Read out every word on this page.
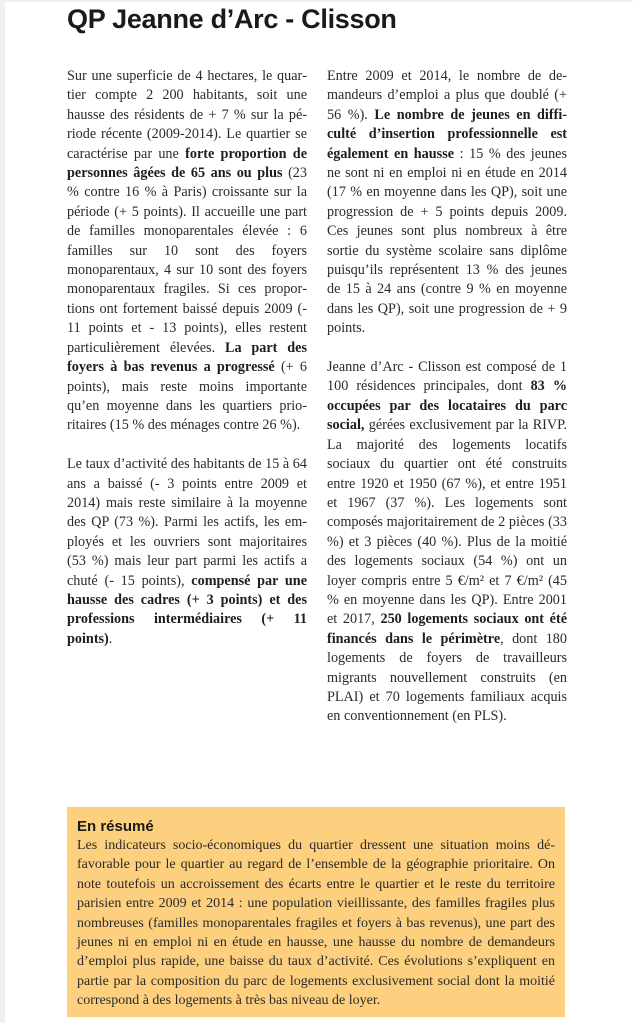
QP Jeanne d’Arc - Clisson

Sur une superficie de 4 hectares, le quartier compte 2 200 habitants, soit une hausse des résidents de + 7 % sur la période récente (2009-2014). Le quartier se caractérise par une forte proportion de personnes âgées de 65 ans ou plus (23 % contre 16 % à Paris) croissante sur la période (+ 5 points). Il accueille une part de familles monoparentales élevée : 6 familles sur 10 sont des foyers monoparentaux, 4 sur 10 sont des foyers monoparentaux fragiles. Si ces proportions ont fortement baissé depuis 2009 (- 11 points et - 13 points), elles restent particulièrement élevées. La part des foyers à bas revenus a progressé (+ 6 points), mais reste moins importante qu’en moyenne dans les quartiers prioritaires (15 % des ménages contre 26 %).

Le taux d’activité des habitants de 15 à 64 ans a baissé (- 3 points entre 2009 et 2014) mais reste similaire à la moyenne des QP (73 %). Parmi les actifs, les employés et les ouvriers sont majoritaires (53 %) mais leur part parmi les actifs a chuté (- 15 points), compensé par une hausse des cadres (+ 3 points) et des professions intermédiaires (+ 11 points).

Entre 2009 et 2014, le nombre de demandeurs d’emploi a plus que doublé (+ 56 %). Le nombre de jeunes en difficulté d’insertion professionnelle est également en hausse : 15 % des jeunes ne sont ni en emploi ni en étude en 2014 (17 % en moyenne dans les QP), soit une progression de + 5 points depuis 2009. Ces jeunes sont plus nombreux à être sortie du système scolaire sans diplôme puisqu’ils représentent 13 % des jeunes de 15 à 24 ans (contre 9 % en moyenne dans les QP), soit une progression de + 9 points.

Jeanne d’Arc - Clisson est composé de 1 100 résidences principales, dont 83 % occupées par des locataires du parc social, gérées exclusivement par la RIVP. La majorité des logements locatifs sociaux du quartier ont été construits entre 1920 et 1950 (67 %), et entre 1951 et 1967 (37 %). Les logements sont composés majoritairement de 2 pièces (33 %) et 3 pièces (40 %). Plus de la moitié des logements sociaux (54 %) ont un loyer compris entre 5 €/m² et 7 €/m² (45 % en moyenne dans les QP). Entre 2001 et 2017, 250 logements sociaux ont été financés dans le périmètre, dont 180 logements de foyers de travailleurs migrants nouvellement construits (en PLAI) et 70 logements familiaux acquis en conventionnement (en PLS).

En résumé

Les indicateurs socio-économiques du quartier dressent une situation moins défavorable pour le quartier au regard de l’ensemble de la géographie prioritaire. On note toutefois un accroissement des écarts entre le quartier et le reste du territoire parisien entre 2009 et 2014 : une population vieillissante, des familles fragiles plus nombreuses (familles monoparentales fragiles et foyers à bas revenus), une part des jeunes ni en emploi ni en étude en hausse, une hausse du nombre de demandeurs d’emploi plus rapide, une baisse du taux d’activité. Ces évolutions s’expliquent en partie par la composition du parc de logements exclusivement social dont la moitié correspond à des logements à très bas niveau de loyer.
